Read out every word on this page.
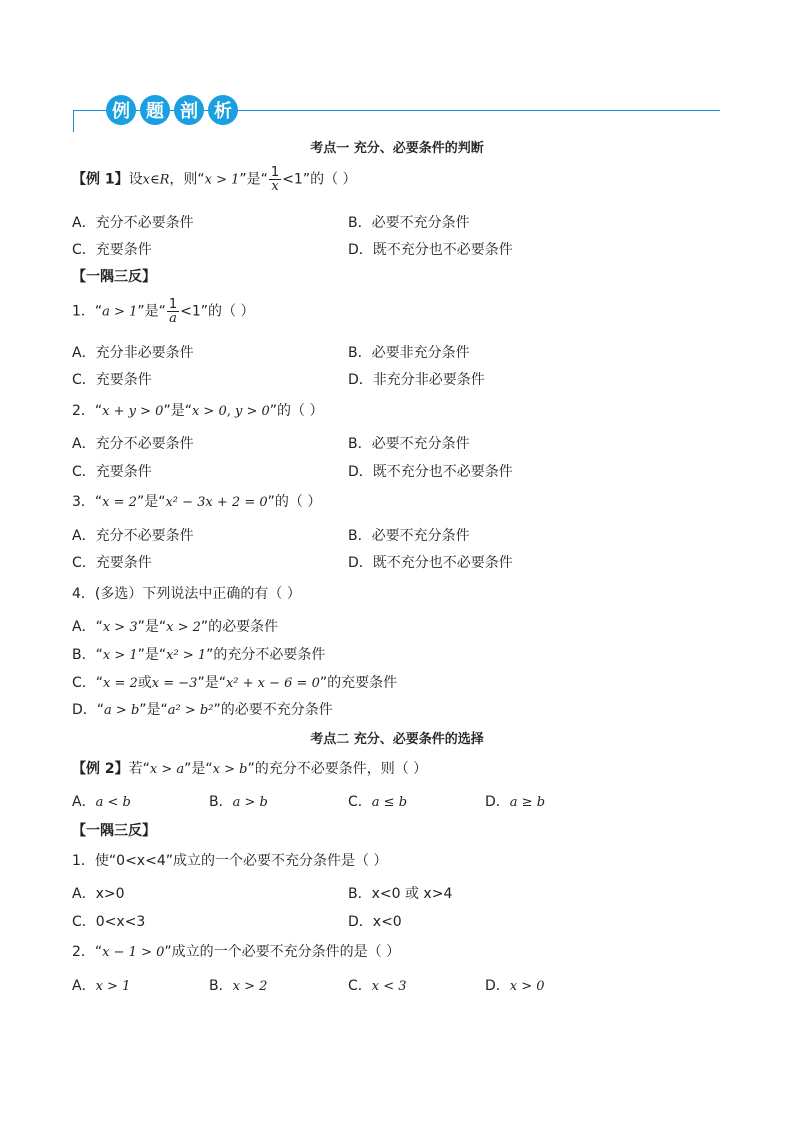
例 题 剖 析
考点一 充分、必要条件的判断
【例 1】设x∈R，则“x > 1”是“ $\frac{1}{x} <1$”的（ ）
A．充分不必要条件	B．必要不充分条件
C．充要条件	D．既不充分也不必要条件
【一隅三反】
1．“a > 1”是“ $\frac{1}{a} <1$”的（ ）
A．充分非必要条件	B．必要非充分条件
C．充要条件	D．非充分非必要条件
2．“x + y > 0”是“x > 0, y > 0”的（ ）
A．充分不必要条件	B．必要不充分条件
C．充要条件	D．既不充分也不必要条件
3．“x = 2”是“x² − 3x + 2 = 0”的（ ）
A．充分不必要条件	B．必要不充分条件
C．充要条件	D．既不充分也不必要条件
4．(多选）下列说法中正确的有（ ）
A．“x > 3”是“x > 2”的必要条件
B．“x > 1”是“x² > 1”的充分不必要条件
C．“x = 2或x = −3”是“x² + x − 6 = 0”的充要条件
D．“a > b”是“a² > b²”的必要不充分条件
考点二 充分、必要条件的选择
【例 2】若“x > a”是“x > b”的充分不必要条件，则（ ）
A．a < b	B．a > b	C．a ≤ b	D．a ≥ b
【一隅三反】
1．使“0<x<4”成立的一个必要不充分条件是（ ）
A．x>0	B．x<0 或 x>4
C．0<x<3	D．x<0
2．“x − 1 > 0”成立的一个必要不充分条件的是（ ）
A．x > 1	B．x > 2	C．x < 3	D．x > 0
